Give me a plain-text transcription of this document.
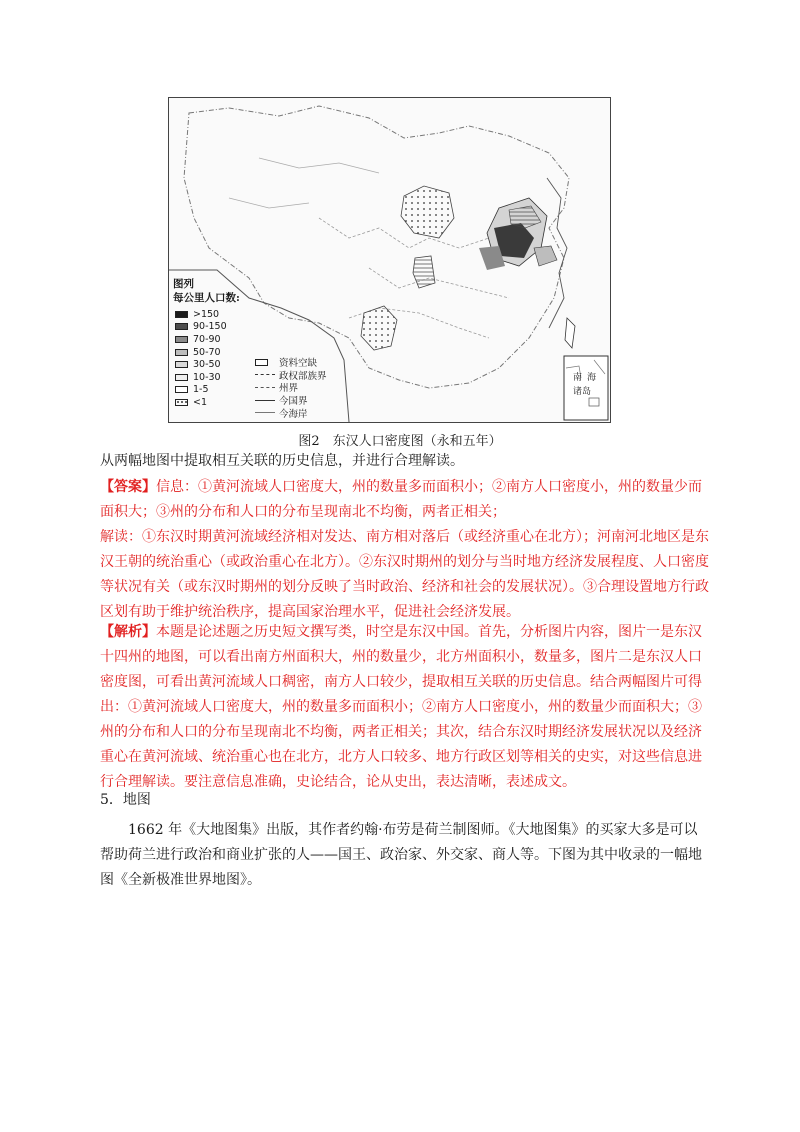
图列
每公里人口数:
>150
90-150
70-90
50-70
30-50
10-30
1-5
<1
资料空缺
政权部族界
州界
今国界
今海岸
南 海
诸岛
图2　东汉人口密度图（永和五年）

从两幅地图中提取相互关联的历史信息，并进行合理解读。

【答案】信息：①黄河流域人口密度大，州的数量多而面积小；②南方人口密度小，州的数量少而面积大；③州的分布和人口的分布呈现南北不均衡，两者正相关；

解读：①东汉时期黄河流域经济相对发达、南方相对落后（或经济重心在北方）；河南河北地区是东汉王朝的统治重心（或政治重心在北方）。②东汉时期州的划分与当时地方经济发展程度、人口密度等状况有关（或东汉时期州的划分反映了当时政治、经济和社会的发展状况）。③合理设置地方行政区划有助于维护统治秩序，提高国家治理水平，促进社会经济发展。

【解析】本题是论述题之历史短文撰写类，时空是东汉中国。首先，分析图片内容，图片一是东汉十四州的地图，可以看出南方州面积大，州的数量少，北方州面积小，数量多，图片二是东汉人口密度图，可看出黄河流域人口稠密，南方人口较少，提取相互关联的历史信息。结合两幅图片可得出：①黄河流域人口密度大，州的数量多而面积小；②南方人口密度小，州的数量少而面积大；③州的分布和人口的分布呈现南北不均衡，两者正相关；其次，结合东汉时期经济发展状况以及经济重心在黄河流域、统治重心也在北方，北方人口较多、地方行政区划等相关的史实，对这些信息进行合理解读。要注意信息准确，史论结合，论从史出，表达清晰，表述成文。

5．地图

1662 年《大地图集》出版，其作者约翰·布劳是荷兰制图师。《大地图集》的买家大多是可以帮助荷兰进行政治和商业扩张的人——国王、政治家、外交家、商人等。下图为其中收录的一幅地图《全新极准世界地图》。
